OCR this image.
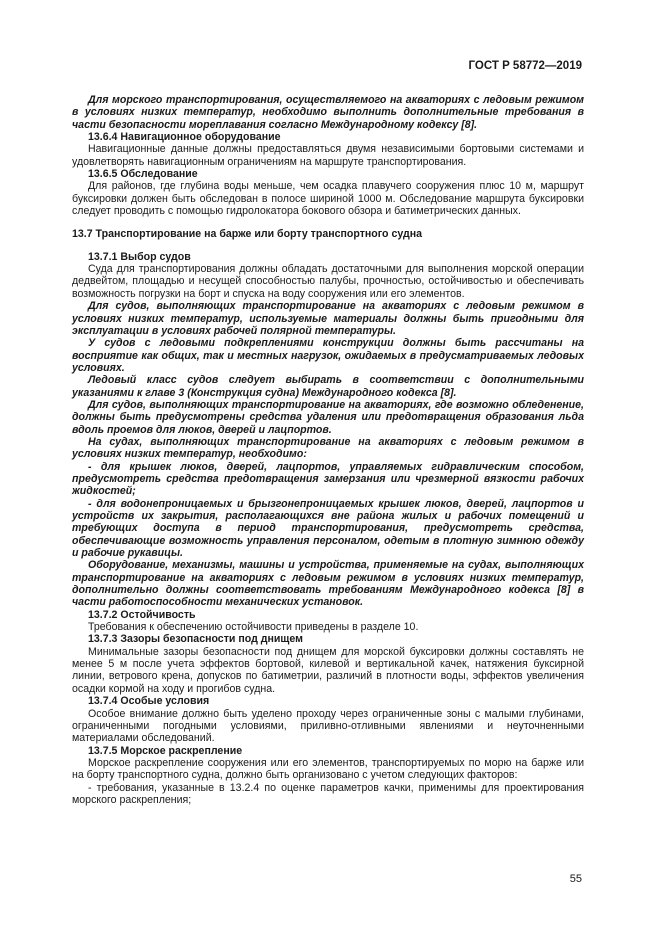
ГОСТ Р 58772—2019

Для морского транспортирования, осуществляемого на акваториях с ледовым режимом в условиях низких температур, необходимо выполнить дополнительные требования в части безопасности мореплавания согласно Международному кодексу [8].

13.6.4 Навигационное оборудование

Навигационные данные должны предоставляться двумя независимыми бортовыми системами и удовлетворять навигационным ограничениям на маршруте транспортирования.

13.6.5 Обследование

Для районов, где глубина воды меньше, чем осадка плавучего сооружения плюс 10 м, маршрут буксировки должен быть обследован в полосе шириной 1000 м. Обследование маршрута буксировки следует проводить с помощью гидролокатора бокового обзора и батиметрических данных.

13.7 Транспортирование на барже или борту транспортного судна

13.7.1 Выбор судов

Суда для транспортирования должны обладать достаточными для выполнения морской операции дедвейтом, площадью и несущей способностью палубы, прочностью, остойчивостью и обеспечивать возможность погрузки на борт и спуска на воду сооружения или его элементов.

Для судов, выполняющих транспортирование на акваториях с ледовым режимом в условиях низких температур, используемые материалы должны быть пригодными для эксплуатации в условиях рабочей полярной температуры.

У судов с ледовыми подкреплениями конструкции должны быть рассчитаны на восприятие как общих, так и местных нагрузок, ожидаемых в предусматриваемых ледовых условиях.

Ледовый класс судов следует выбирать в соответствии с дополнительными указаниями к главе 3 (Конструкция судна) Международного кодекса [8].

Для судов, выполняющих транспортирование на акваториях, где возможно обледенение, должны быть предусмотрены средства удаления или предотвращения образования льда вдоль проемов для люков, дверей и лацпортов.

На судах, выполняющих транспортирование на акваториях с ледовым режимом в условиях низких температур, необходимо:

- для крышек люков, дверей, лацпортов, управляемых гидравлическим способом, предусмотреть средства предотвращения замерзания или чрезмерной вязкости рабочих жидкостей;

- для водонепроницаемых и брызгонепроницаемых крышек люков, дверей, лацпортов и устройств их закрытия, располагающихся вне района жилых и рабочих помещений и требующих доступа в период транспортирования, предусмотреть средства, обеспечивающие возможность управления персоналом, одетым в плотную зимнюю одежду и рабочие рукавицы.

Оборудование, механизмы, машины и устройства, применяемые на судах, выполняющих транспортирование на акваториях с ледовым режимом в условиях низких температур, дополнительно должны соответствовать требованиям Международного кодекса [8] в части работоспособности механических установок.

13.7.2 Остойчивость

Требования к обеспечению остойчивости приведены в разделе 10.

13.7.3 Зазоры безопасности под днищем

Минимальные зазоры безопасности под днищем для морской буксировки должны составлять не менее 5 м после учета эффектов бортовой, килевой и вертикальной качек, натяжения буксирной линии, ветрового крена, допусков по батиметрии, различий в плотности воды, эффектов увеличения осадки кормой на ходу и прогибов судна.

13.7.4 Особые условия

Особое внимание должно быть уделено проходу через ограниченные зоны с малыми глубинами, ограниченными погодными условиями, приливно-отливными явлениями и неуточненными материалами обследований.

13.7.5 Морское раскрепление

Морское раскрепление сооружения или его элементов, транспортируемых по морю на барже или на борту транспортного судна, должно быть организовано с учетом следующих факторов:

- требования, указанные в 13.2.4 по оценке параметров качки, применимы для проектирования морского раскрепления;

55
